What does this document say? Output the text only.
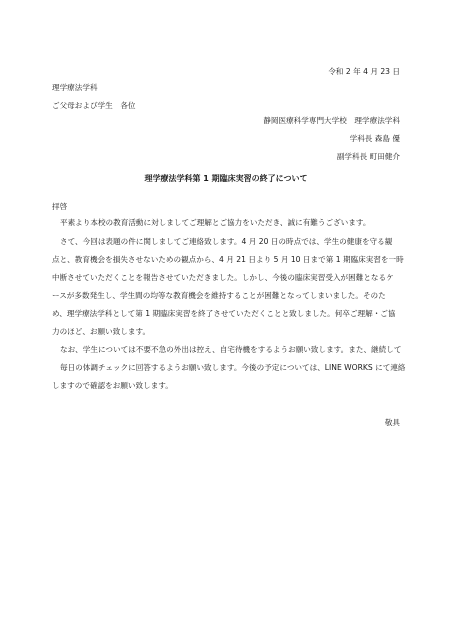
令和 2 年 4 月 23 日
理学療法学科
ご父母および学生　各位
静岡医療科学専門大学校　理学療法学科
学科長 森島 優
副学科長 町田健介
理学療法学科第 1 期臨床実習の終了について
拝啓
平素より本校の教育活動に対しましてご理解とご協力をいただき、誠に有難うございます。
さて、今回は表題の件に関しましてご連絡致します。4 月 20 日の時点では、学生の健康を守る観
点と、教育機会を損失させないための観点から、4 月 21 日より 5 月 10 日まで第 1 期臨床実習を一時
中断させていただくことを報告させていただきました。しかし、今後の臨床実習受入が困難となるケ
ースが多数発生し、学生間の均等な教育機会を維持することが困難となってしまいました。そのた
め、理学療法学科として第 1 期臨床実習を終了させていただくことと致しました。何卒ご理解・ご協
力のほど、お願い致します。
なお、学生については不要不急の外出は控え、自宅待機をするようお願い致します。また、継続して
毎日の体調チェックに回答するようお願い致します。今後の予定については、LINE WORKS にて連絡
しますので確認をお願い致します。
敬具
